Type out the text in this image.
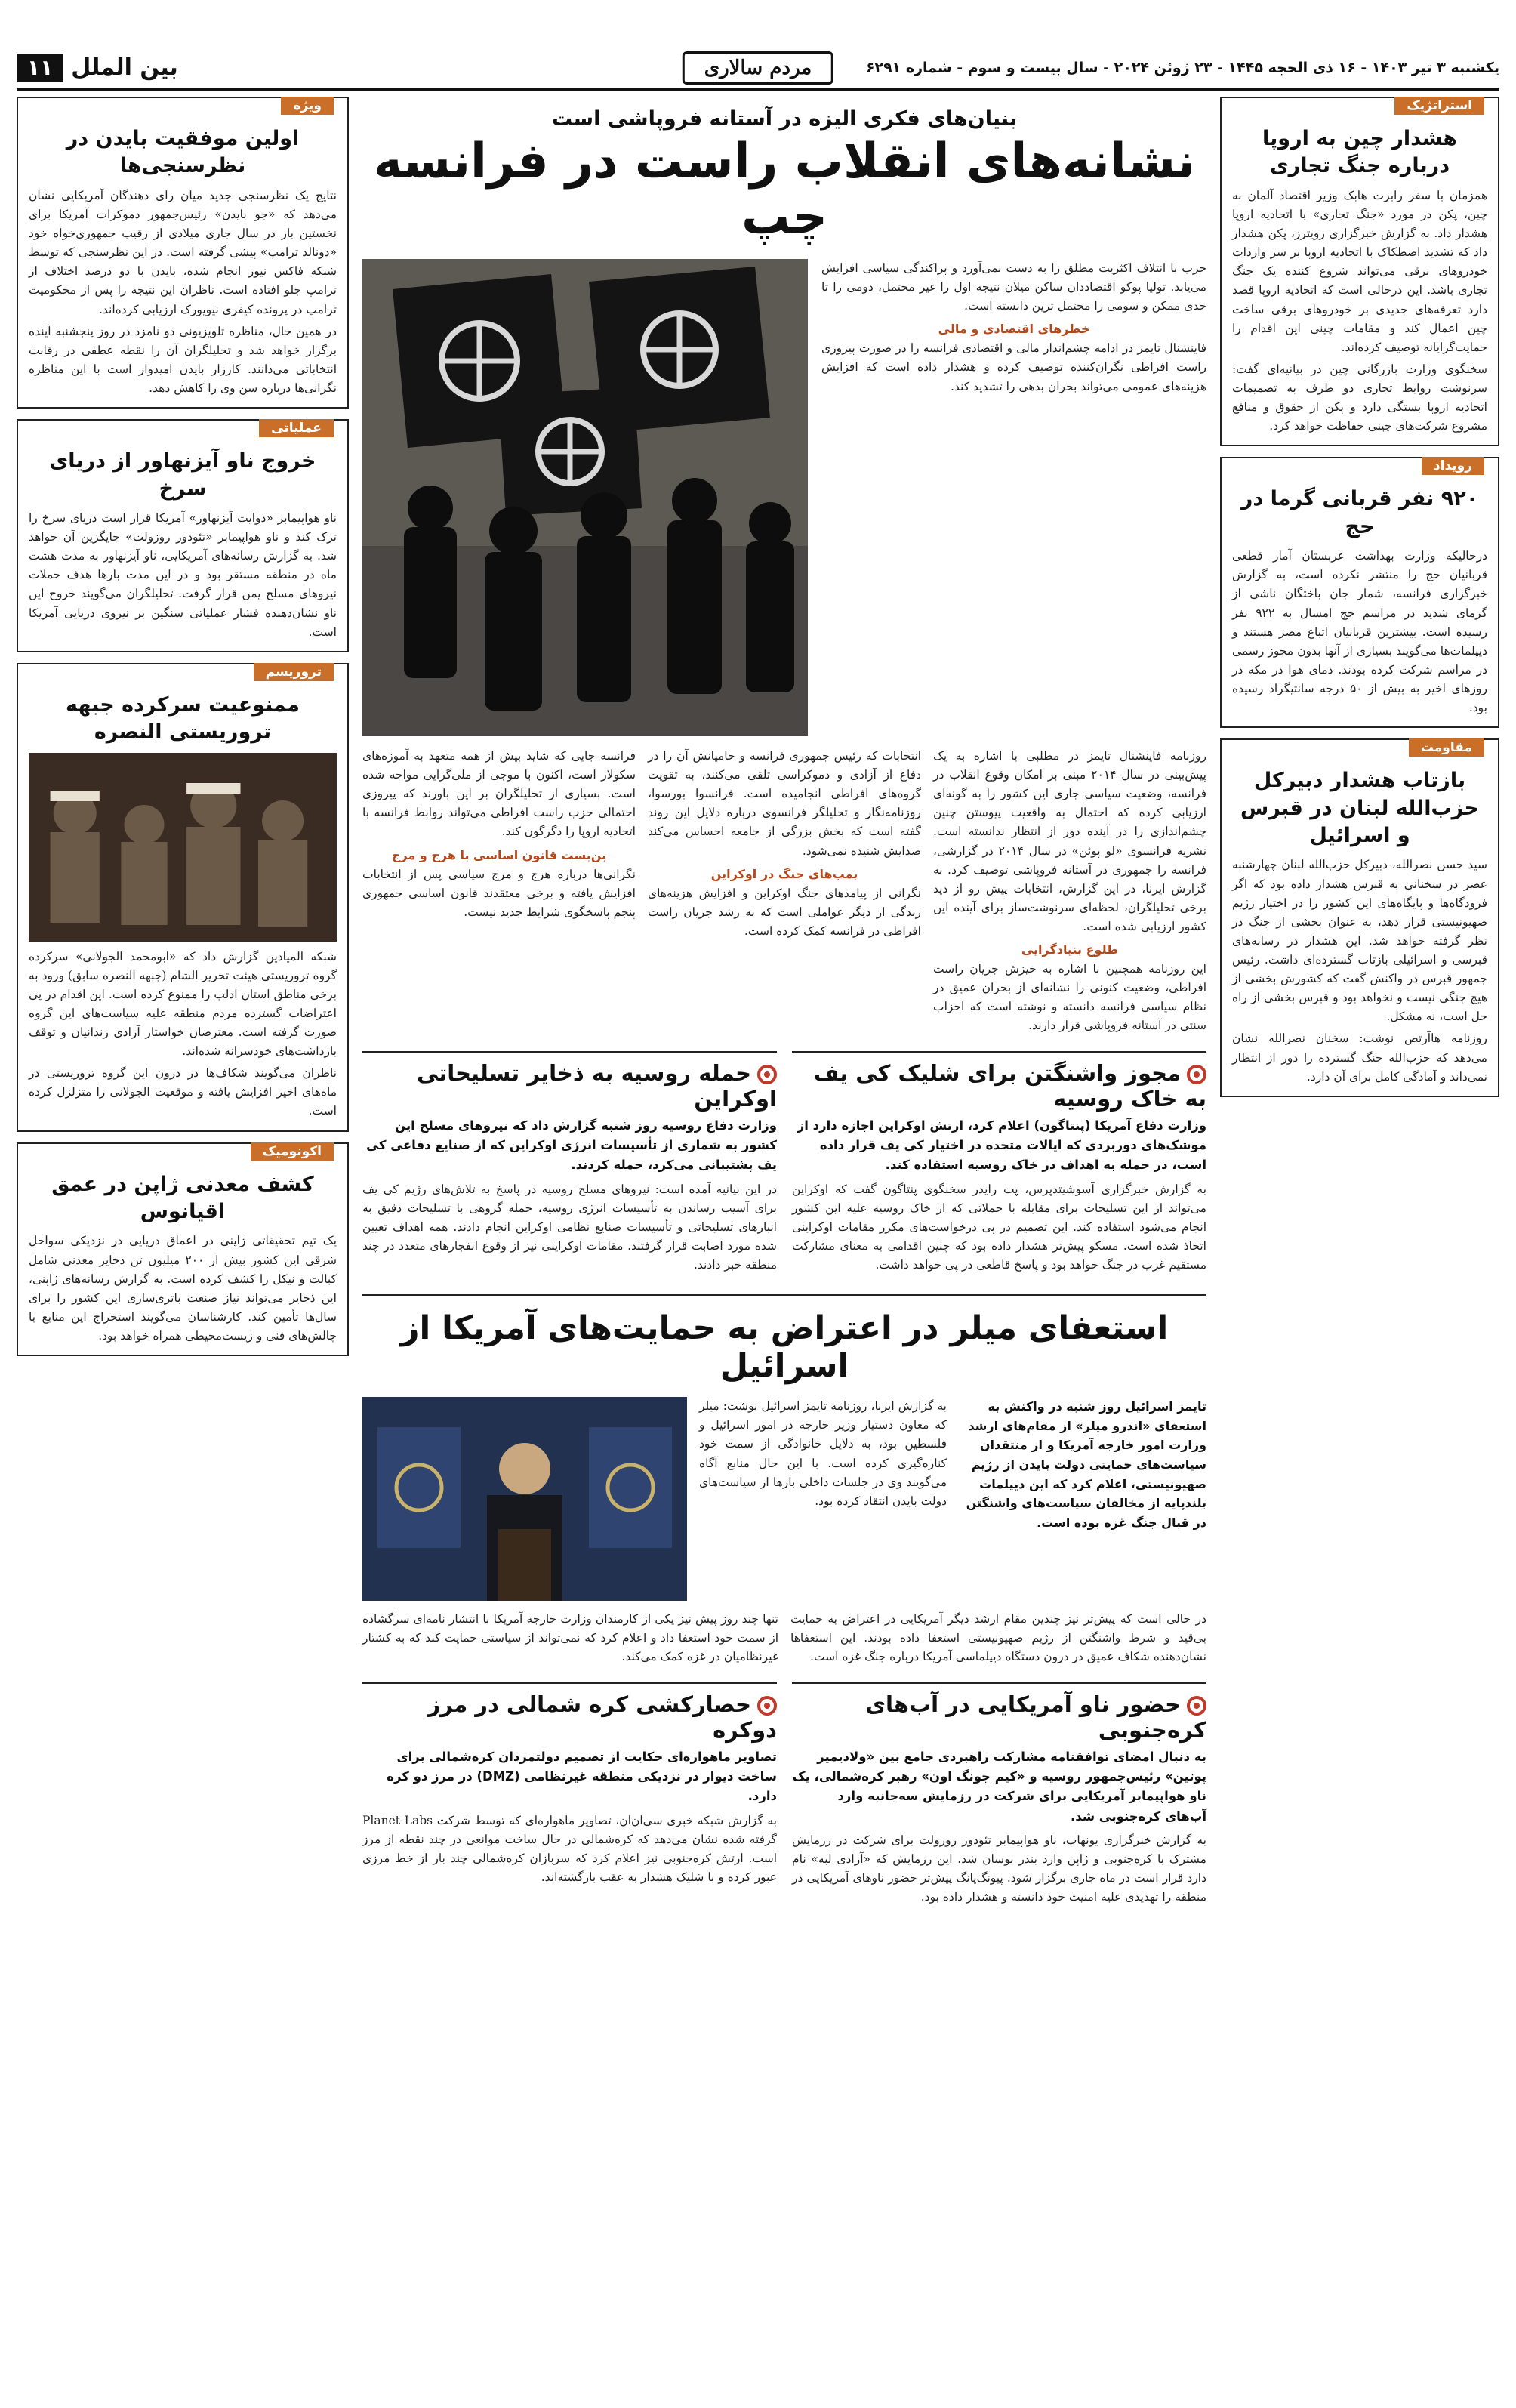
یکشنبه ۳ تیر ۱۴۰۳ - ۱۶ ذی الحجه ۱۴۴۵ - ۲۳ ژوئن ۲۰۲۴ - سال بیست و سوم - شماره ۶۲۹۱
مردم سالاری
بین الملل
۱۱
استراتژیک
هشدار چین به اروپا درباره جنگ تجاری

همزمان با سفر رابرت هابک وزیر اقتصاد آلمان به چین، پکن در مورد «جنگ تجاری» با اتحادیه اروپا هشدار داد. به گزارش خبرگزاری رویترز، پکن هشدار داد که تشدید اصطکاک با اتحادیه اروپا بر سر واردات خودروهای برقی می‌تواند شروع کننده یک جنگ تجاری باشد. این درحالی است که اتحادیه اروپا قصد دارد تعرفه‌های جدیدی بر خودروهای برقی ساخت چین اعمال کند و مقامات چینی این اقدام را حمایت‌گرایانه توصیف کرده‌اند.

سخنگوی وزارت بازرگانی چین در بیانیه‌ای گفت: سرنوشت روابط تجاری دو طرف به تصمیمات اتحادیه اروپا بستگی دارد و پکن از حقوق و منافع مشروع شرکت‌های چینی حفاظت خواهد کرد.

رویداد
۹۲۰ نفر قربانی گرما در حج

درحالیکه وزارت بهداشت عربستان آمار قطعی قربانیان حج را منتشر نکرده است، به گزارش خبرگزاری فرانسه، شمار جان باختگان ناشی از گرمای شدید در مراسم حج امسال به ۹۲۲ نفر رسیده است. بیشترین قربانیان اتباع مصر هستند و دیپلمات‌ها می‌گویند بسیاری از آنها بدون مجوز رسمی در مراسم شرکت کرده بودند. دمای هوا در مکه در روزهای اخیر به بیش از ۵۰ درجه سانتیگراد رسیده بود.

مقاومت
بازتاب هشدار دبیرکل حزب‌الله لبنان در قبرس و اسرائیل

سید حسن نصرالله، دبیرکل حزب‌الله لبنان چهارشنبه عصر در سخنانی به قبرس هشدار داده بود که اگر فرودگاه‌ها و پایگاه‌های این کشور را در اختیار رژیم صهیونیستی قرار دهد، به عنوان بخشی از جنگ در نظر گرفته خواهد شد. این هشدار در رسانه‌های قبرسی و اسرائیلی بازتاب گسترده‌ای داشت. رئیس جمهور قبرس در واکنش گفت که کشورش بخشی از هیچ جنگی نیست و نخواهد بود و قبرس بخشی از راه حل است، نه مشکل.

روزنامه هاآرتص نوشت: سخنان نصرالله نشان می‌دهد که حزب‌الله جنگ گسترده را دور از انتظار نمی‌داند و آمادگی کامل برای آن دارد.

ویژه
اولین موفقیت بایدن در نظرسنجی‌ها

نتایج یک نظرسنجی جدید میان رای دهندگان آمریکایی نشان می‌دهد که «جو بایدن» رئیس‌جمهور دموکرات آمریکا برای نخستین بار در سال جاری میلادی از رقیب جمهوری‌خواه خود «دونالد ترامپ» پیشی گرفته است. در این نظرسنجی که توسط شبکه فاکس نیوز انجام شده، بایدن با دو درصد اختلاف از ترامپ جلو افتاده است. ناظران این نتیجه را پس از محکومیت ترامپ در پرونده کیفری نیویورک ارزیابی کرده‌اند.

در همین حال، مناظره تلویزیونی دو نامزد در روز پنجشنبه آینده برگزار خواهد شد و تحلیلگران آن را نقطه عطفی در رقابت انتخاباتی می‌دانند. کارزار بایدن امیدوار است با این مناظره نگرانی‌ها درباره سن وی را کاهش دهد.

عملیاتی
خروج ناو آیزنهاور از دریای سرخ

ناو هواپیمابر «دوایت آیزنهاور» آمریکا قرار است دریای سرخ را ترک کند و ناو هواپیمابر «تئودور روزولت» جایگزین آن خواهد شد. به گزارش رسانه‌های آمریکایی، ناو آیزنهاور به مدت هشت ماه در منطقه مستقر بود و در این مدت بارها هدف حملات نیروهای مسلح یمن قرار گرفت. تحلیلگران می‌گویند خروج این ناو نشان‌دهنده فشار عملیاتی سنگین بر نیروی دریایی آمریکا است.

تروریسم
ممنوعیت سرکرده جبهه تروریستی النصره

شبکه المیادین گزارش داد که «ابومحمد الجولانی» سرکرده گروه تروریستی هیئت تحریر الشام (جبهه النصره سابق) ورود به برخی مناطق استان ادلب را ممنوع کرده است. این اقدام در پی اعتراضات گسترده مردم منطقه علیه سیاست‌های این گروه صورت گرفته است. معترضان خواستار آزادی زندانیان و توقف بازداشت‌های خودسرانه شده‌اند.

ناظران می‌گویند شکاف‌ها در درون این گروه تروریستی در ماه‌های اخیر افزایش یافته و موقعیت الجولانی را متزلزل کرده است.

اکونومیک
کشف معدنی ژاپن در عمق اقیانوس

یک تیم تحقیقاتی ژاپنی در اعماق دریایی در نزدیکی سواحل شرقی این کشور بیش از ۲۰۰ میلیون تن ذخایر معدنی شامل کبالت و نیکل را کشف کرده است. به گزارش رسانه‌های ژاپنی، این ذخایر می‌تواند نیاز صنعت باتری‌سازی این کشور را برای سال‌ها تأمین کند. کارشناسان می‌گویند استخراج این منابع با چالش‌های فنی و زیست‌محیطی همراه خواهد بود.

بنیان‌های فکری الیزه در آستانه فروپاشی است
نشانه‌های انقلاب راست در فرانسه چپ

حزب با انتلاف اکثریت مطلق را به دست نمی‌آورد و پراکندگی سیاسی افزایش می‌یابد. تولیا پوکو اقتصاددان ساکن میلان نتیجه اول را غیر محتمل، دومی را تا حدی ممکن و سومی را محتمل ترین دانسته است.

خطرهای اقتصادی و مالی

فاینشنال تایمز در ادامه چشم‌انداز مالی و اقتصادی فرانسه را در صورت پیروزی راست افراطی نگران‌کننده توصیف کرده و هشدار داده است که افزایش هزینه‌های عمومی می‌تواند بحران بدهی را تشدید کند.

روزنامه فاینشنال تایمز در مطلبی با اشاره به یک پیش‌بینی در سال ۲۰۱۴ مبنی بر امکان وقوع انقلاب در فرانسه، وضعیت سیاسی جاری این کشور را به گونه‌ای ارزیابی کرده که احتمال به واقعیت پیوستن چنین چشم‌اندازی را در آینده دور از انتظار ندانسته است. نشریه فرانسوی «لو پوئن» در سال ۲۰۱۴ در گزارشی، فرانسه را جمهوری در آستانه فروپاشی توصیف کرد. به گزارش ایرنا، در این گزارش، انتخابات پیش رو از دید برخی تحلیلگران، لحظه‌ای سرنوشت‌ساز برای آینده این کشور ارزیابی شده است.

طلوع بنیادگرایی

این روزنامه همچنین با اشاره به خیزش جریان راست افراطی، وضعیت کنونی را نشانه‌ای از بحران عمیق در نظام سیاسی فرانسه دانسته و نوشته است که احزاب سنتی در آستانه فروپاشی قرار دارند.

انتخابات که رئیس جمهوری فرانسه و حامیانش آن را در دفاع از آزادی و دموکراسی تلقی می‌کنند، به تقویت گروه‌های افراطی انجامیده است. فرانسوا بورسوا، روزنامه‌نگار و تحلیلگر فرانسوی درباره دلایل این روند گفته است که بخش بزرگی از جامعه احساس می‌کند صدایش شنیده نمی‌شود.

بمب‌های جنگ در اوکراین

نگرانی از پیامدهای جنگ اوکراین و افزایش هزینه‌های زندگی از دیگر عواملی است که به رشد جریان راست افراطی در فرانسه کمک کرده است.

فرانسه جایی که شاید بیش از همه متعهد به آموزه‌های سکولار است، اکنون با موجی از ملی‌گرایی مواجه شده است. بسیاری از تحلیلگران بر این باورند که پیروزی احتمالی حزب راست افراطی می‌تواند روابط فرانسه با اتحادیه اروپا را دگرگون کند.

بن‌بست قانون اساسی با هرج و مرج

نگرانی‌ها درباره هرج و مرج سیاسی پس از انتخابات افزایش یافته و برخی معتقدند قانون اساسی جمهوری پنجم پاسخگوی شرایط جدید نیست.

مجوز واشنگتن برای شلیک کی یف به خاک روسیه

وزارت دفاع آمریکا (پنتاگون) اعلام کرد، ارتش اوکراین اجازه دارد از موشک‌های دوربردی که ایالات متحده در اختیار کی یف قرار داده است، در حمله به اهداف در خاک روسیه استفاده کند.

به گزارش خبرگزاری آسوشیتدپرس، پت رایدر سخنگوی پنتاگون گفت که اوکراین می‌تواند از این تسلیحات برای مقابله با حملاتی که از خاک روسیه علیه این کشور انجام می‌شود استفاده کند. این تصمیم در پی درخواست‌های مکرر مقامات اوکراینی اتخاذ شده است. مسکو پیش‌تر هشدار داده بود که چنین اقدامی به معنای مشارکت مستقیم غرب در جنگ خواهد بود و پاسخ قاطعی در پی خواهد داشت.

حمله روسیه به ذخایر تسلیحاتی اوکراین

وزارت دفاع روسیه روز شنبه گزارش داد که نیروهای مسلح این کشور به شماری از تأسیسات انرژی اوکراین که از صنایع دفاعی کی یف پشتیبانی می‌کرد، حمله کردند.

در این بیانیه آمده است: نیروهای مسلح روسیه در پاسخ به تلاش‌های رژیم کی یف برای آسیب رساندن به تأسیسات انرژی روسیه، حمله گروهی با تسلیحات دقیق به انبارهای تسلیحاتی و تأسیسات صنایع نظامی اوکراین انجام دادند. همه اهداف تعیین شده مورد اصابت قرار گرفتند. مقامات اوکراینی نیز از وقوع انفجارهای متعدد در چند منطقه خبر دادند.

استعفای میلر در اعتراض به حمایت‌های آمریکا از اسرائیل

تایمز اسرائیل روز شنبه در واکنش به استعفای «اندرو میلر» از مقام‌های ارشد وزارت امور خارجه آمریکا و از منتقدان سیاست‌های حمایتی دولت بایدن از رژیم صهیونیستی، اعلام کرد که این دیپلمات بلندپایه از مخالفان سیاست‌های واشنگتن در قبال جنگ غزه بوده است.

به گزارش ایرنا، روزنامه تایمز اسرائیل نوشت: میلر که معاون دستیار وزیر خارجه در امور اسرائیل و فلسطین بود، به دلایل خانوادگی از سمت خود کناره‌گیری کرده است. با این حال منابع آگاه می‌گویند وی در جلسات داخلی بارها از سیاست‌های دولت بایدن انتقاد کرده بود.

در حالی است که پیش‌تر نیز چندین مقام ارشد دیگر آمریکایی در اعتراض به حمایت بی‌قید و شرط واشنگتن از رژیم صهیونیستی استعفا داده بودند. این استعفاها نشان‌دهنده شکاف عمیق در درون دستگاه دیپلماسی آمریکا درباره جنگ غزه است.

تنها چند روز پیش نیز یکی از کارمندان وزارت خارجه آمریکا با انتشار نامه‌ای سرگشاده از سمت خود استعفا داد و اعلام کرد که نمی‌تواند از سیاستی حمایت کند که به کشتار غیرنظامیان در غزه کمک می‌کند.

حضور ناو آمریکایی در آب‌های کره‌جنوبی

به دنبال امضای توافقنامه مشارکت راهبردی جامع بین «ولادیمیر پوتین» رئیس‌جمهور روسیه و «کیم جونگ اون» رهبر کره‌شمالی، یک ناو هواپیمابر آمریکایی برای شرکت در رزمایش سه‌جانبه وارد آب‌های کره‌جنوبی شد.

به گزارش خبرگزاری یونهاپ، ناو هواپیمابر تئودور روزولت برای شرکت در رزمایش مشترک با کره‌جنوبی و ژاپن وارد بندر بوسان شد. این رزمایش که «آزادی لبه» نام دارد قرار است در ماه جاری برگزار شود. پیونگ‌یانگ پیش‌تر حضور ناوهای آمریکایی در منطقه را تهدیدی علیه امنیت خود دانسته و هشدار داده بود.

حصارکشی کره شمالی در مرز دوکره

تصاویر ماهواره‌ای حکایت از تصمیم دولتمردان کره‌شمالی برای ساخت دیوار در نزدیکی منطقه غیرنظامی (DMZ) در مرز دو کره دارد.

به گزارش شبکه خبری سی‌ان‌ان، تصاویر ماهواره‌ای که توسط شرکت Planet Labs گرفته شده نشان می‌دهد که کره‌شمالی در حال ساخت موانعی در چند نقطه از مرز است. ارتش کره‌جنوبی نیز اعلام کرد که سربازان کره‌شمالی چند بار از خط مرزی عبور کرده و با شلیک هشدار به عقب بازگشته‌اند.
